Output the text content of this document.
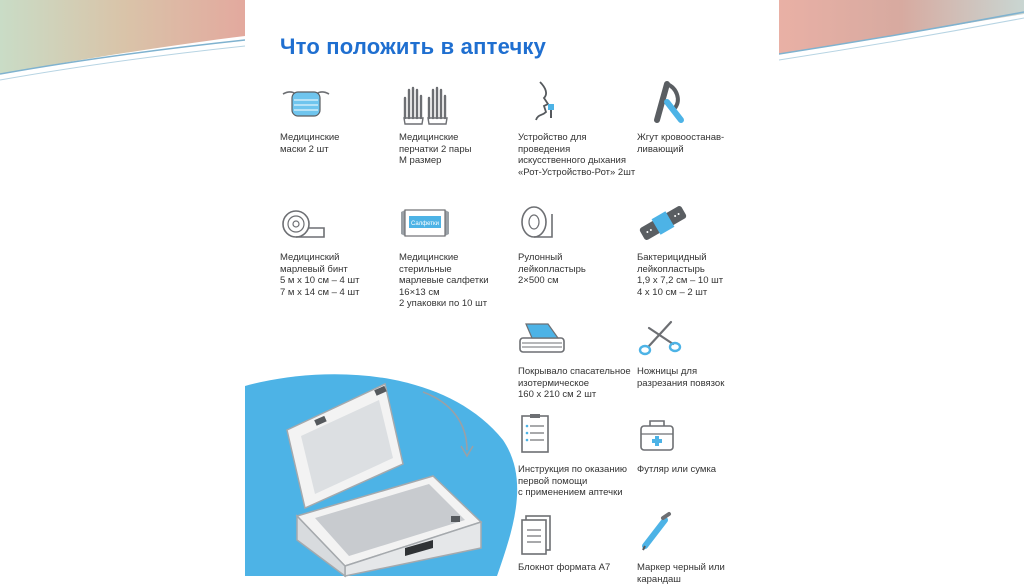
Что положить в аптечку
Медицинские
маски 2 шт
Медицинские
перчатки 2 пары
M размер
Устройство для
проведения
искусственного дыхания
«Рот-Устройство-Рот» 2шт
Жгут кровоостанав-
ливающий
Медицинский
марлевый бинт
5 м х 10 см – 4 шт
7 м х 14 см – 4 шт
Салфетки
Медицинские
стерильные
марлевые салфетки
16×13 см
2 упаковки по 10 шт
Рулонный
лейкопластырь
2×500 см
Бактерицидный
лейкопластырь
1,9 х 7,2 см – 10 шт
4 х 10 см – 2 шт
Покрывало спасательное
изотермическое
160 х 210 см 2 шт
Ножницы для
разрезания повязок
Инструкция по оказанию
первой помощи
с применением аптечки
Футляр или сумка
Блокнот формата А7	Маркер черный или
карандаш
